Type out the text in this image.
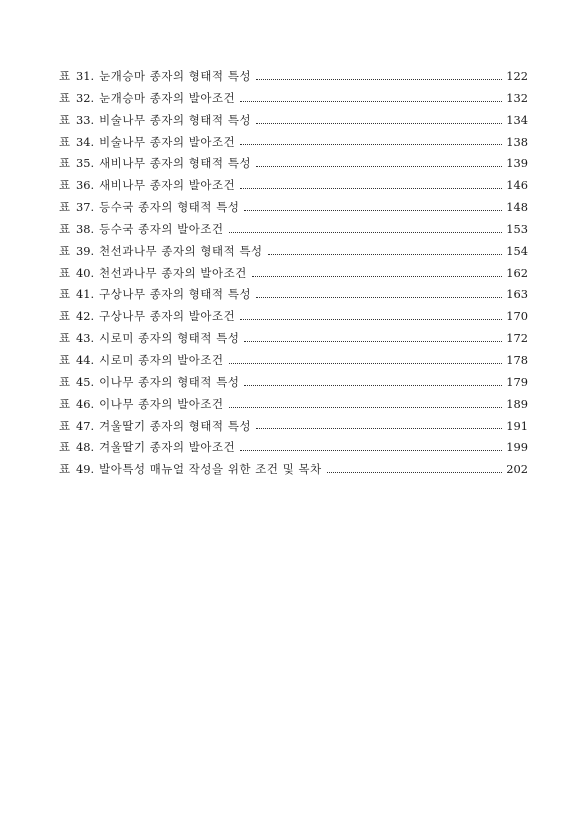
표 31. 눈개승마 종자의 형태적 특성	122
표 32. 눈개승마 종자의 발아조건	132
표 33. 비술나무 종자의 형태적 특성	134
표 34. 비술나무 종자의 발아조건	138
표 35. 새비나무 종자의 형태적 특성	139
표 36. 새비나무 종자의 발아조건	146
표 37. 등수국 종자의 형태적 특성	148
표 38. 등수국 종자의 발아조건	153
표 39. 천선과나무 종자의 형태적 특성	154
표 40. 천선과나무 종자의 발아조건	162
표 41. 구상나무 종자의 형태적 특성	163
표 42. 구상나무 종자의 발아조건	170
표 43. 시로미 종자의 형태적 특성	172
표 44. 시로미 종자의 발아조건	178
표 45. 이나무 종자의 형태적 특성	179
표 46. 이나무 종자의 발아조건	189
표 47. 겨울딸기 종자의 형태적 특성	191
표 48. 겨울딸기 종자의 발아조건	199
표 49. 발아특성 매뉴얼 작성을 위한 조건 및 목차	202
